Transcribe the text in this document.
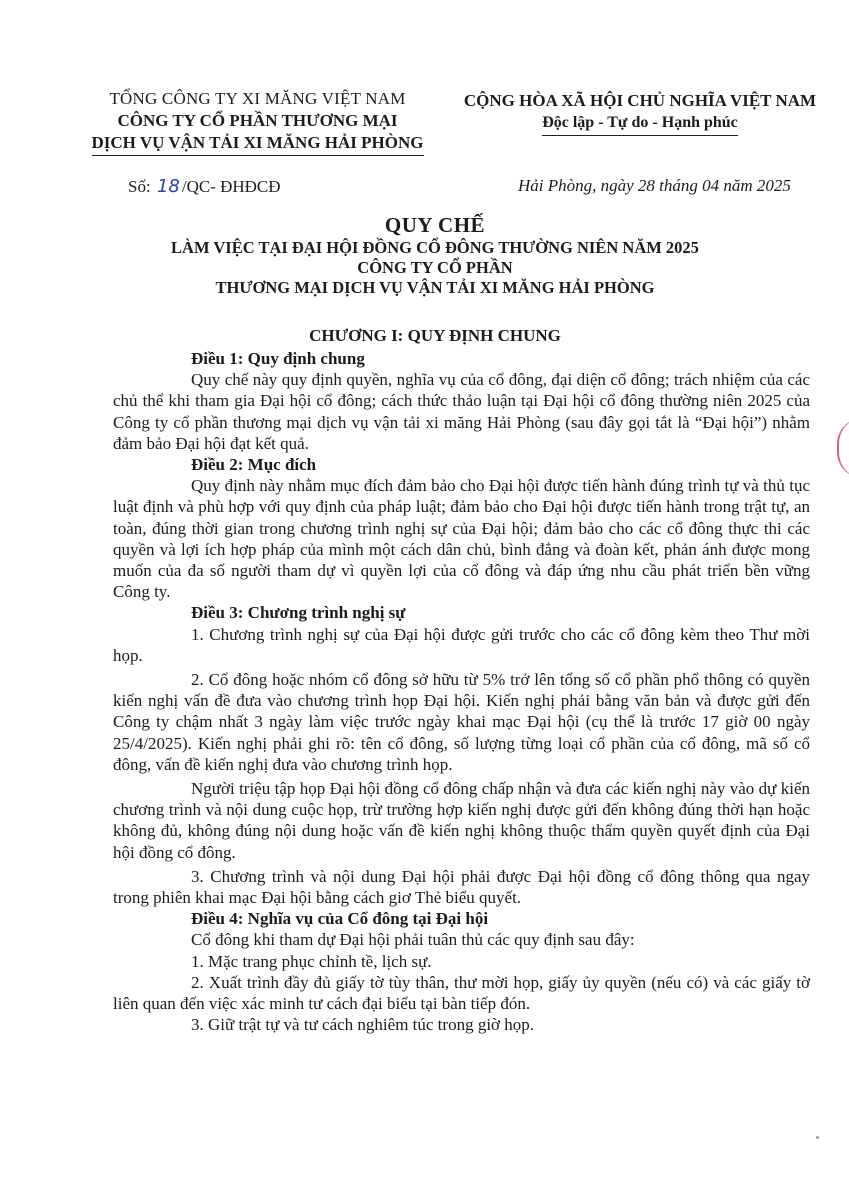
TỔNG CÔNG TY XI MĂNG VIỆT NAM
CÔNG TY CỔ PHẦN THƯƠNG MẠI
DỊCH VỤ VẬN TẢI XI MĂNG HẢI PHÒNG
CỘNG HÒA XÃ HỘI CHỦ NGHĨA VIỆT NAM
Độc lập - Tự do - Hạnh phúc
Số: 18 /QC- ĐHĐCĐ	Hải Phòng, ngày 28 tháng 04 năm 2025
QUY CHẾ
LÀM VIỆC TẠI ĐẠI HỘI ĐỒNG CỔ ĐÔNG THƯỜNG NIÊN NĂM 2025
CÔNG TY CỔ PHẦN
THƯƠNG MẠI DỊCH VỤ VẬN TẢI XI MĂNG HẢI PHÒNG
CHƯƠNG I: QUY ĐỊNH CHUNG
Điều 1: Quy định chung

Quy chế này quy định quyền, nghĩa vụ của cổ đông, đại diện cổ đông; trách nhiệm của các chủ thể khi tham gia Đại hội cổ đông; cách thức thảo luận tại Đại hội cổ đông thường niên 2025 của Công ty cổ phần thương mại dịch vụ vận tải xi măng Hải Phòng (sau đây gọi tắt là “Đại hội”) nhằm đảm bảo Đại hội đạt kết quả.

Điều 2: Mục đích

Quy định này nhằm mục đích đảm bảo cho Đại hội được tiến hành đúng trình tự và thủ tục luật định và phù hợp với quy định của pháp luật; đảm bảo cho Đại hội được tiến hành trong trật tự, an toàn, đúng thời gian trong chương trình nghị sự của Đại hội; đảm bảo cho các cổ đông thực thi các quyền và lợi ích hợp pháp của mình một cách dân chủ, bình đẳng và đoàn kết, phản ánh được mong muốn của đa số người tham dự vì quyền lợi của cổ đông và đáp ứng nhu cầu phát triển bền vững Công ty.

Điều 3: Chương trình nghị sự

1. Chương trình nghị sự của Đại hội được gửi trước cho các cổ đông kèm theo Thư mời họp.

2. Cổ đông hoặc nhóm cổ đông sở hữu từ 5% trở lên tổng số cổ phần phổ thông có quyền kiến nghị vấn đề đưa vào chương trình họp Đại hội. Kiến nghị phải bằng văn bản và được gửi đến Công ty chậm nhất 3 ngày làm việc trước ngày khai mạc Đại hội (cụ thể là trước 17 giờ 00 ngày 25/4/2025). Kiến nghị phải ghi rõ: tên cổ đông, số lượng từng loại cổ phần của cổ đông, mã số cổ đông, vấn đề kiến nghị đưa vào chương trình họp.

Người triệu tập họp Đại hội đồng cổ đông chấp nhận và đưa các kiến nghị này vào dự kiến chương trình và nội dung cuộc họp, trừ trường hợp kiến nghị được gửi đến không đúng thời hạn hoặc không đủ, không đúng nội dung hoặc vấn đề kiến nghị không thuộc thẩm quyền quyết định của Đại hội đồng cổ đông.

3. Chương trình và nội dung Đại hội phải được Đại hội đồng cổ đông thông qua ngay trong phiên khai mạc Đại hội bằng cách giơ Thẻ biểu quyết.

Điều 4: Nghĩa vụ của Cổ đông tại Đại hội

Cổ đông khi tham dự Đại hội phải tuân thủ các quy định sau đây:

1. Mặc trang phục chỉnh tề, lịch sự.

2. Xuất trình đầy đủ giấy tờ tùy thân, thư mời họp, giấy ủy quyền (nếu có) và các giấy tờ liên quan đến việc xác minh tư cách đại biểu tại bàn tiếp đón.

3. Giữ trật tự và tư cách nghiêm túc trong giờ họp.
